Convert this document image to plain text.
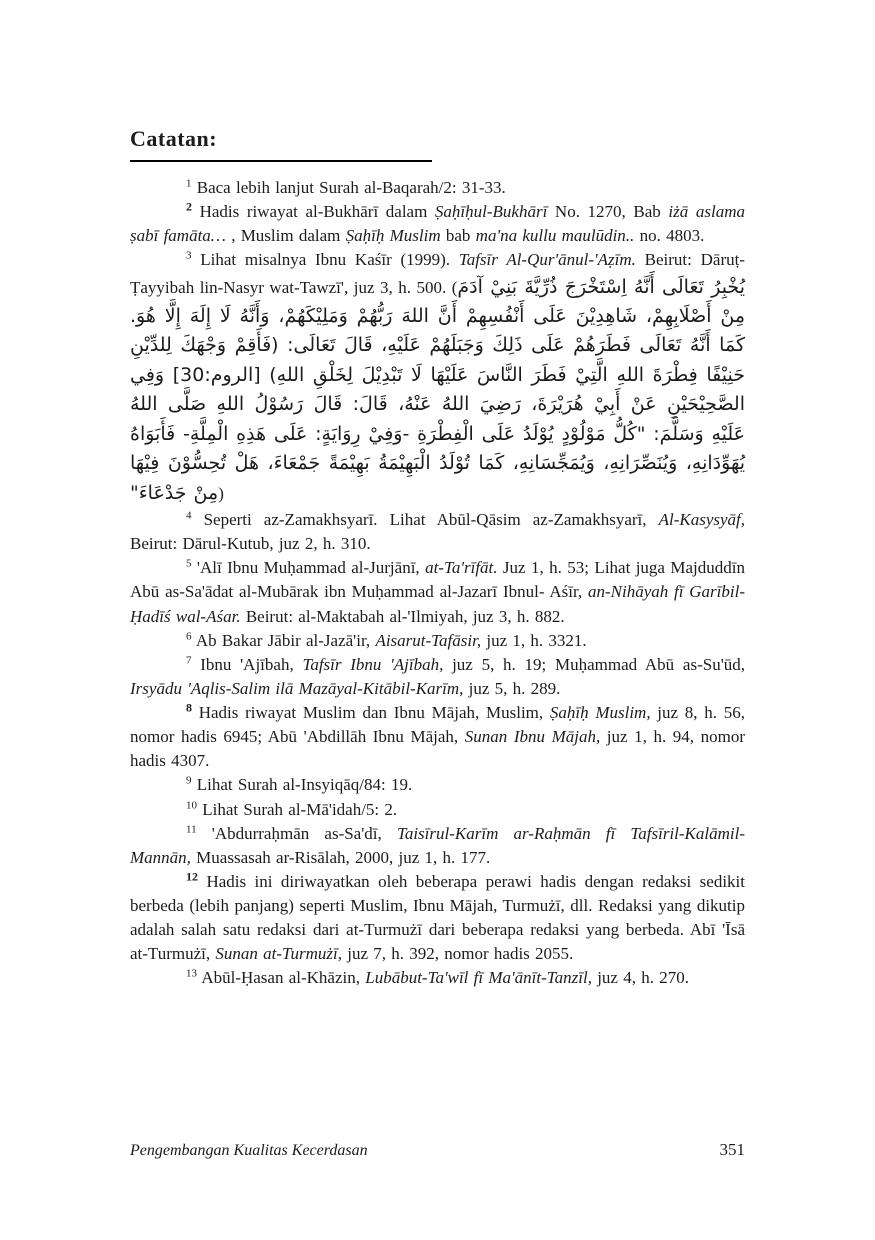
Catatan:

$^1$ Baca lebih lanjut Surah al-Baqarah/2: 31-33.

$^2$ Hadis riwayat al-Bukhārī dalam Ṣaḥīḥul-Bukhārī No. 1270, Bab iżā aslama ṣabī famāta… , Muslim dalam Ṣaḥīḥ Muslim bab ma'na kullu maulūdin.. no. 4803.

$^3$ Lihat misalnya Ibnu Kaśīr (1999). Tafsīr Al-Qur'ānul-'Aẓīm. Beirut: Dāruṭ-Ṭayyibah lin-Nasyr wat-Tawzī', juz 3, h. 500. (يُخْبِرُ تَعَالَى أَنَّهُ اِسْتَخْرَجَ ذُرِّيَّةَ بَنِيْ آدَمَ مِنْ أَصْلَابِهِمْ، شَاهِدِيْنَ عَلَى أَنْفُسِهِمْ أَنَّ اللهَ رَبُّهُمْ وَمَلِيْكَهُمْ، وَأَنَّهُ لَا إِلَهَ إِلَّا هُوَ. كَمَا أَنَّهُ تَعَالَى فَطَرَهُمْ عَلَى ذَلِكَ وَجَبَلَهُمْ عَلَيْهِ، قَالَ تَعَالَى: (فَأَقِمْ وَجْهَكَ لِلدِّيْنِ حَنِيْفًا فِطْرَةَ اللهِ الَّتِيْ فَطَرَ النَّاسَ عَلَيْهَا لَا تَبْدِيْلَ لِخَلْقِ اللهِ) [الروم:30] وَفِي الصَّحِيْحَيْنِ عَنْ أَبِيْ هُرَيْرَةَ، رَضِيَ اللهُ عَنْهُ، قَالَ: قَالَ رَسُوْلُ اللهِ صَلَّى اللهُ عَلَيْهِ وَسَلَّمَ: "كُلُّ مَوْلُوْدٍ يُوْلَدُ عَلَى الْفِطْرَةِ -وَفِيْ رِوَايَةٍ: عَلَى هَذِهِ الْمِلَّةِ- فَأَبَوَاهُ يُهَوِّدَانِهِ، وَيُنَصِّرَانِهِ، وَيُمَجِّسَانِهِ، كَمَا تُوْلَدُ الْبَهِيْمَةُ بَهِيْمَةً جَمْعَاءَ، هَلْ تُحِسُّوْنَ فِيْهَا مِنْ جَدْعَاءَ")

$^4$ Seperti az-Zamakhsyarī. Lihat Abūl-Qāsim az-Zamakhsyarī, Al-Kasysyāf, Beirut: Dārul-Kutub, juz 2, h. 310.

$^5$ 'Alī Ibnu Muḥammad al-Jurjānī, at-Ta'rīfāt. Juz 1, h. 53; Lihat juga Majduddīn Abū as-Sa'ādat al-Mubārak ibn Muḥammad al-Jazarī Ibnul- Aśīr, an-Nihāyah fī Garībil-Ḥadīś wal-Aśar. Beirut: al-Maktabah al-'Ilmiyah, juz 3, h. 882.

$^6$ Ab Bakar Jābir al-Jazā'ir, Aisarut-Tafāsir, juz 1, h. 3321.

$^7$ Ibnu 'Ajībah, Tafsīr Ibnu 'Ajībah, juz 5, h. 19; Muḥammad Abū as-Su'ūd, Irsyādu 'Aqlis-Salim ilā Mazāyal-Kitābil-Karīm, juz 5, h. 289.

$^8$ Hadis riwayat Muslim dan Ibnu Mājah, Muslim, Ṣaḥīḥ Muslim, juz 8, h. 56, nomor hadis 6945; Abū 'Abdillāh Ibnu Mājah, Sunan Ibnu Mājah, juz 1, h. 94, nomor hadis 4307.

$^9$ Lihat Surah al-Insyiqāq/84: 19.

$^{10}$ Lihat Surah al-Mā'idah/5: 2.

$^{11}$ 'Abdurraḥmān as-Sa'dī, Taisīrul-Karīm ar-Raḥmān fī Tafsīril-Kalāmil-Mannān, Muassasah ar-Risālah, 2000, juz 1, h. 177.

$^{12}$ Hadis ini diriwayatkan oleh beberapa perawi hadis dengan redaksi sedikit berbeda (lebih panjang) seperti Muslim, Ibnu Mājah, Turmużī, dll. Redaksi yang dikutip adalah salah satu redaksi dari at-Turmużī dari beberapa redaksi yang berbeda. Abī 'Īsā at-Turmużī, Sunan at-Turmużī, juz 7, h. 392, nomor hadis 2055.

$^{13}$ Abūl-Ḥasan al-Khāzin, Lubābut-Ta'wīl fī Ma'ānīt-Tanzīl, juz 4, h. 270.

Pengembangan Kualitas Kecerdasan	351
